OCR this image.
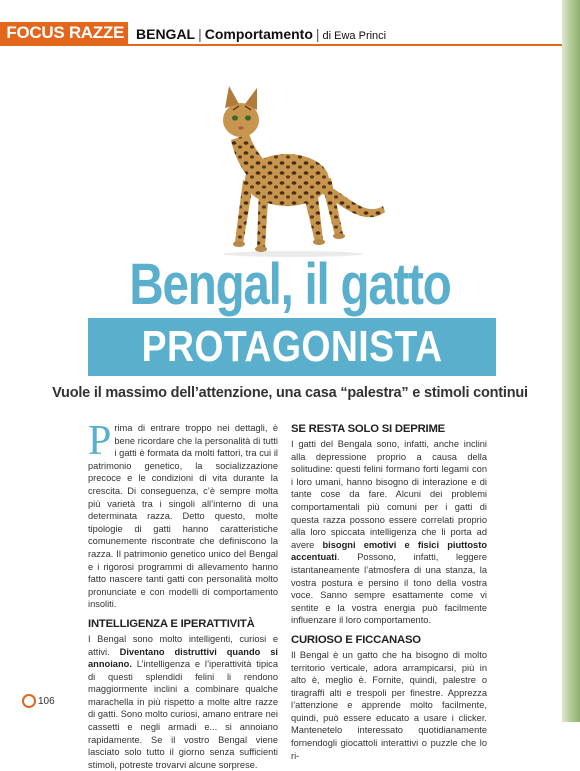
FOCUS RAZZE BENGAL | Comportamento | di Ewa Princi
Bengal, il gatto
PROTAGONISTA
Vuole il massimo dell’attenzione, una casa “palestra” e stimoli continui

Prima di entrare troppo nei dettagli, è bene ricordare che la personalità di tutti i gatti è formata da molti fattori, tra cui il patrimonio genetico, la socializzazione precoce e le condizioni di vita durante la crescita. Di conseguenza, c’è sempre molta più varietà tra i singoli all’interno di una determinata razza. Detto questo, molte tipologie di gatti hanno caratteristiche comunemente riscontrate che definiscono la razza. Il patrimonio genetico unico del Bengal e i rigorosi programmi di allevamento hanno fatto nascere tanti gatti con personalità molto pronunciate e con modelli di comportamento insoliti.

INTELLIGENZA E IPERATTIVITÀ

I Bengal sono molto intelligenti, curiosi e attivi. Diventano distruttivi quando si annoiano. L’intelligenza e l’iperattività tipica di questi splendidi felini li rendono maggiormente inclini a combinare qualche marachella in più rispetto a molte altre razze di gatti. Sono molto curiosi, amano entrare nei cassetti e negli armadi e... si annoiano rapidamente. Se il vostro Bengal viene lasciato solo tutto il giorno senza sufficienti stimoli, potreste trovarvi alcune sorprese.

SE RESTA SOLO SI DEPRIME

I gatti del Bengala sono, infatti, anche inclini alla depressione proprio a causa della solitudine: questi felini formano forti legami con i loro umani, hanno bisogno di interazione e di tante cose da fare. Alcuni dei problemi comportamentali più comuni per i gatti di questa razza possono essere correlati proprio alla loro spiccata intelligenza che li porta ad avere bisogni emotivi e fisici piuttosto accentuati. Possono, infatti, leggere istantaneamente l’atmosfera di una stanza, la vostra postura e persino il tono della vostra voce. Sanno sempre esattamente come vi sentite e la vostra energia può facilmente influenzare il loro comportamento.

CURIOSO E FICCANASO

Il Bengal è un gatto che ha bisogno di molto territorio verticale, adora arrampicarsi, più in alto è, meglio è. Fornite, quindi, palestre o tiragraffi alti e trespoli per finestre. Apprezza l’attenzione e apprende molto facilmente, quindi, può essere educato a usare i clicker. Mantenetelo interessato quotidianamente fornendogli giocattoli interattivi o puzzle che lo ri-

106
